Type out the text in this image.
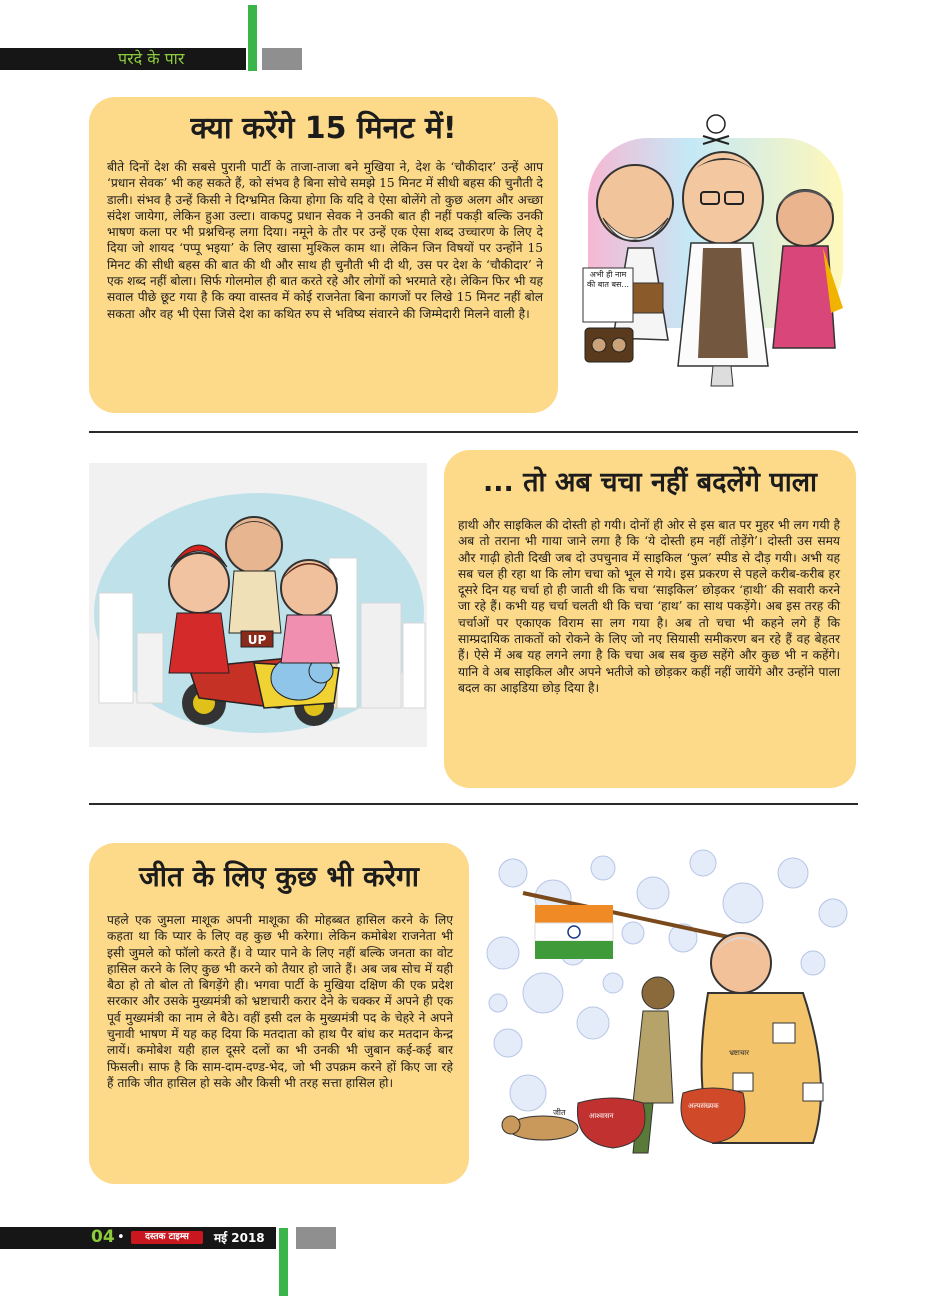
परदे के पार
क्या करेंगे 15 मिनट में!
बीते दिनों देश की सबसे पुरानी पार्टी के ताजा-ताजा बने मुखिया ने, देश के ‘चौकीदार’ उन्हें आप ‘प्रधान सेवक’ भी कह सकते हैं, को संभव है बिना सोचे समझे 15 मिनट में सीधी बहस की चुनौती दे डाली। संभव है उन्हें किसी ने दिग्भ्रमित किया होगा कि यदि वे ऐसा बोलेंगे तो कुछ अलग और अच्छा संदेश जायेगा, लेकिन हुआ उल्टा। वाकपटु प्रधान सेवक ने उनकी बात ही नहीं पकड़ी बल्कि उनकी भाषण कला पर भी प्रश्नचिन्ह लगा दिया। नमूने के तौर पर उन्हें एक ऐसा शब्द उच्चारण के लिए दे दिया जो शायद ‘पप्पू भइया’ के लिए खासा मुश्किल काम था। लेकिन जिन विषयों पर उन्होंने 15 मिनट की सीधी बहस की बात की थी और साथ ही चुनौती भी दी थी, उस पर देश के ‘चौकीदार’ ने एक शब्द नहीं बोला। सिर्फ गोलमोल ही बात करते रहे और लोगों को भरमाते रहे। लेकिन फिर भी यह सवाल पीछे छूट गया है कि क्या वास्तव में कोई राजनेता बिना कागजों पर लिखे 15 मिनट नहीं बोल सकता और वह भी ऐसा जिसे देश का कथित रुप से भविष्य संवारने की जिम्मेदारी मिलने वाली है।
अभी ही नाम की बात बस...
UP
... तो अब चचा नहीं बदलेंगे पाला
हाथी और साइकिल की दोस्ती हो गयी। दोनों ही ओर से इस बात पर मुहर भी लग गयी है अब तो तराना भी गाया जाने लगा है कि ‘ये दोस्ती हम नहीं तोड़ेंगे’। दोस्ती उस समय और गाढ़ी होती दिखी जब दो उपचुनाव में साइकिल ‘फुल’ स्पीड से दौड़ गयी। अभी यह सब चल ही रहा था कि लोग चचा को भूल से गये। इस प्रकरण से पहले करीब-करीब हर दूसरे दिन यह चर्चा हो ही जाती थी कि चचा ‘साइकिल’ छोड़कर ‘हाथी’ की सवारी करने जा रहे हैं। कभी यह चर्चा चलती थी कि चचा ‘हाथ’ का साथ पकड़ेंगे। अब इस तरह की चर्चाओं पर एकाएक विराम सा लग गया है। अब तो चचा भी कहने लगे हैं कि साम्प्रदायिक ताकतों को रोकने के लिए जो नए सियासी समीकरण बन रहे हैं वह बेहतर हैं। ऐसे में अब यह लगने लगा है कि चचा अब सब कुछ सहेंगे और कुछ भी न कहेंगे। यानि वे अब साइकिल और अपने भतीजे को छोड़कर कहीं नहीं जायेंगे और उन्होंने पाला बदल का आइडिया छोड़ दिया है।
जीत के लिए कुछ भी करेगा
पहले एक जुमला माशूक अपनी माशूका की मोहब्बत हासिल करने के लिए कहता था कि प्यार के लिए वह कुछ भी करेगा। लेकिन कमोबेश राजनेता भी इसी जुमले को फॉलो करते हैं। वे प्यार पाने के लिए नहीं बल्कि जनता का वोट हासिल करने के लिए कुछ भी करने को तैयार हो जाते हैं। अब जब सोच में यही बैठा हो तो बोल तो बिगड़ेंगे ही। भगवा पार्टी के मुखिया दक्षिण की एक प्रदेश सरकार और उसके मुख्यमंत्री को भ्रष्टाचारी करार देने के चक्कर में अपने ही एक पूर्व मुख्यमंत्री का नाम ले बैठे। वहीं इसी दल के मुख्यमंत्री पद के चेहरे ने अपने चुनावी भाषण में यह कह दिया कि मतदाता को हाथ पैर बांध कर मतदान केन्द्र लायें। कमोबेश यही हाल दूसरे दलों का भी उनकी भी जुबान कई-कई बार फिसली। साफ है कि साम-दाम-दण्ड-भेद, जो भी उपक्रम करने हों किए जा रहे हैं ताकि जीत हासिल हो सके और किसी भी तरह सत्ता हासिल हो।
जीत
भ्रष्टाचार
आश्वासन
अल्पसंख्यक
04 •	दस्तक टाइम्स	मई 2018
